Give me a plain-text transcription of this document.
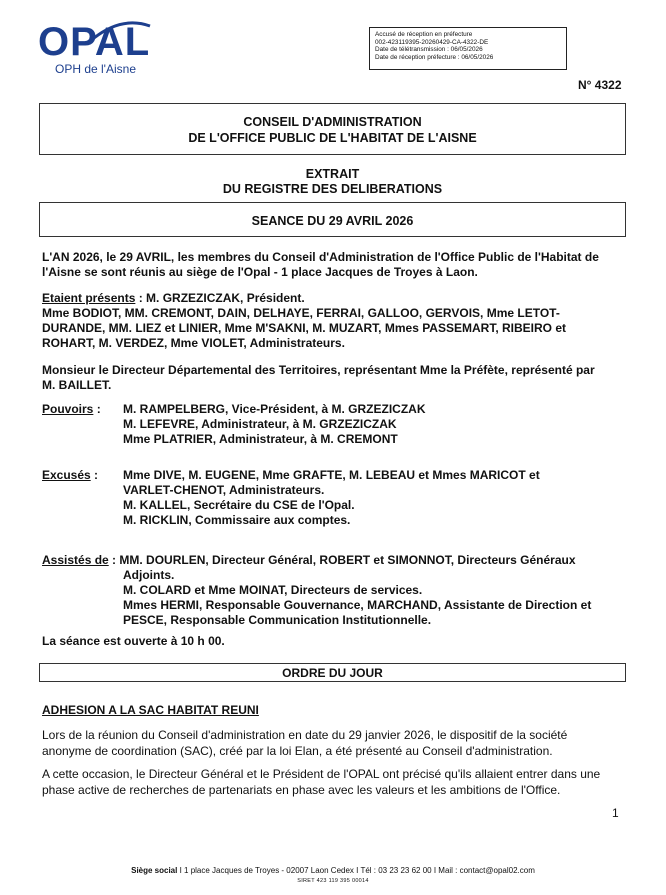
OPAL
OPH de l'Aisne
Accusé de réception en préfecture
002-423119395-20260429-CA-4322-DE
Date de télétransmission : 06/05/2026
Date de réception préfecture : 06/05/2026
N° 4322
CONSEIL D'ADMINISTRATION
DE L'OFFICE PUBLIC DE L'HABITAT DE L'AISNE
EXTRAIT
DU REGISTRE DES DELIBERATIONS
SEANCE DU 29 AVRIL 2026
L'AN 2026, le 29 AVRIL, les membres du Conseil d'Administration de l'Office Public de l'Habitat de
l'Aisne se sont réunis au siège de l'Opal - 1 place Jacques de Troyes à Laon.
Etaient présents : M. GRZEZICZAK, Président.
Mme BODIOT, MM. CREMONT, DAIN, DELHAYE, FERRAI, GALLOO, GERVOIS, Mme LETOT-
DURANDE, MM. LIEZ et LINIER, Mme M'SAKNI, M. MUZART, Mmes PASSEMART, RIBEIRO et
ROHART, M. VERDEZ, Mme VIOLET, Administrateurs.
Monsieur le Directeur Départemental des Territoires, représentant Mme la Préfète, représenté par
M. BAILLET.
Pouvoirs : M. RAMPELBERG, Vice-Président, à M. GRZEZICZAK
M. LEFEVRE, Administrateur, à M. GRZEZICZAK
Mme PLATRIER, Administrateur, à M. CREMONT
Excusés : Mme DIVE, M. EUGENE, Mme GRAFTE, M. LEBEAU et Mmes MARICOT et
VARLET-CHENOT, Administrateurs.
M. KALLEL, Secrétaire du CSE de l'Opal.
M. RICKLIN, Commissaire aux comptes.
Assistés de : MM. DOURLEN, Directeur Général, ROBERT et SIMONNOT, Directeurs Généraux
Adjoints.
M. COLARD et Mme MOINAT, Directeurs de services.
Mmes HERMI, Responsable Gouvernance, MARCHAND, Assistante de Direction et
PESCE, Responsable Communication Institutionnelle.
La séance est ouverte à 10 h 00.
ORDRE DU JOUR
ADHESION A LA SAC HABITAT REUNI
Lors de la réunion du Conseil d'administration en date du 29 janvier 2026, le dispositif de la société
anonyme de coordination (SAC), créé par la loi Elan, a été présenté au Conseil d'administration.
A cette occasion, le Directeur Général et le Président de l'OPAL ont précisé qu'ils allaient entrer dans une
phase active de recherches de partenariats en phase avec les valeurs et les ambitions de l'Office.
1
Siège social I 1 place Jacques de Troyes - 02007 Laon Cedex I Tél : 03 23 23 62 00 I Mail : contact@opal02.com
SIRET 423 119 395 00014
